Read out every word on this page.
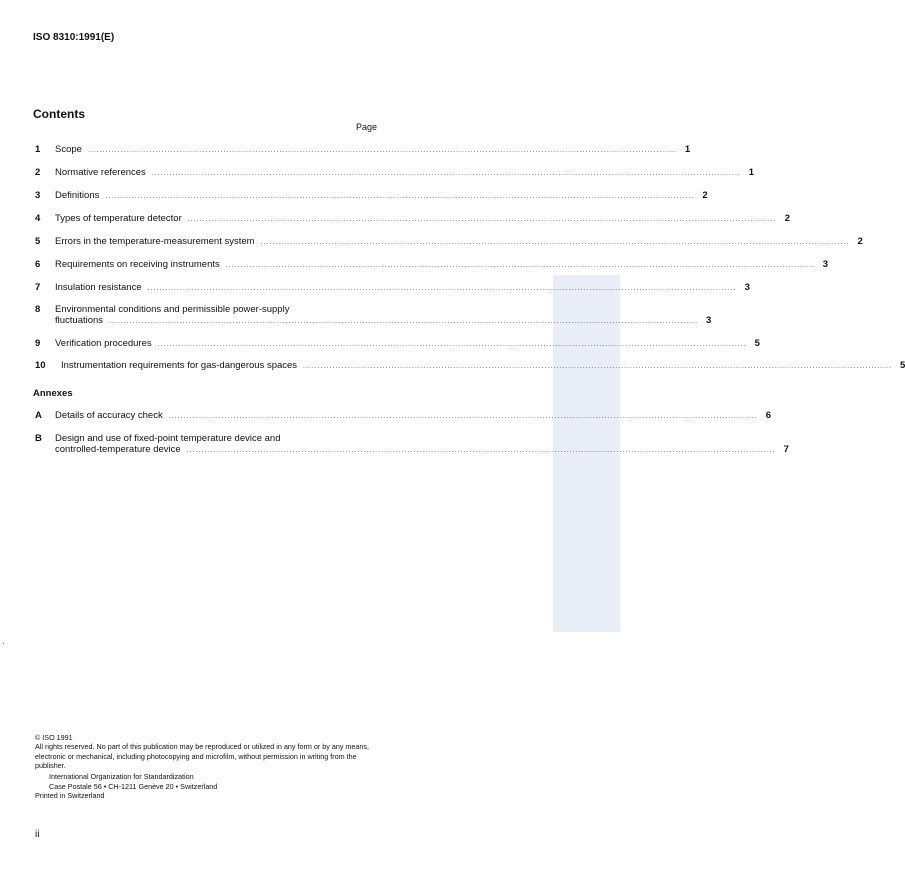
ISO 8310:1991(E)
Contents
Page
1 Scope ........................................................................................................................................................................................................ 1
2 Normative references ........................................................................................................................................................................................................ 1
3 Definitions ........................................................................................................................................................................................................ 2
4 Types of temperature detector ........................................................................................................................................................................................................ 2
5 Errors in the temperature-measurement system ........................................................................................................................................................................................................ 2
6 Requirements on receiving instruments ........................................................................................................................................................................................................ 3
7 Insulation resistance ........................................................................................................................................................................................................ 3
8 Environmental conditions and permissible power-supply
fluctuations ........................................................................................................................................................................................................ 3
9 Verification procedures ........................................................................................................................................................................................................ 5
10 Instrumentation requirements for gas-dangerous spaces ........................................................................................................................................................................................................ 5
Annexes
A Details of accuracy check ........................................................................................................................................................................................................ 6
B Design and use of fixed-point temperature device and
controlled-temperature device ........................................................................................................................................................................................................ 7

© ISO 1991

All rights reserved. No part of this publication may be reproduced or utilized in any form or by any means, electronic or mechanical, including photocopying and microfilm, without permission in writing from the publisher.

International Organization for Standardization

Case Postale 56 • CH-1211 Genève 20 • Switzerland

Printed in Switzerland

ii
